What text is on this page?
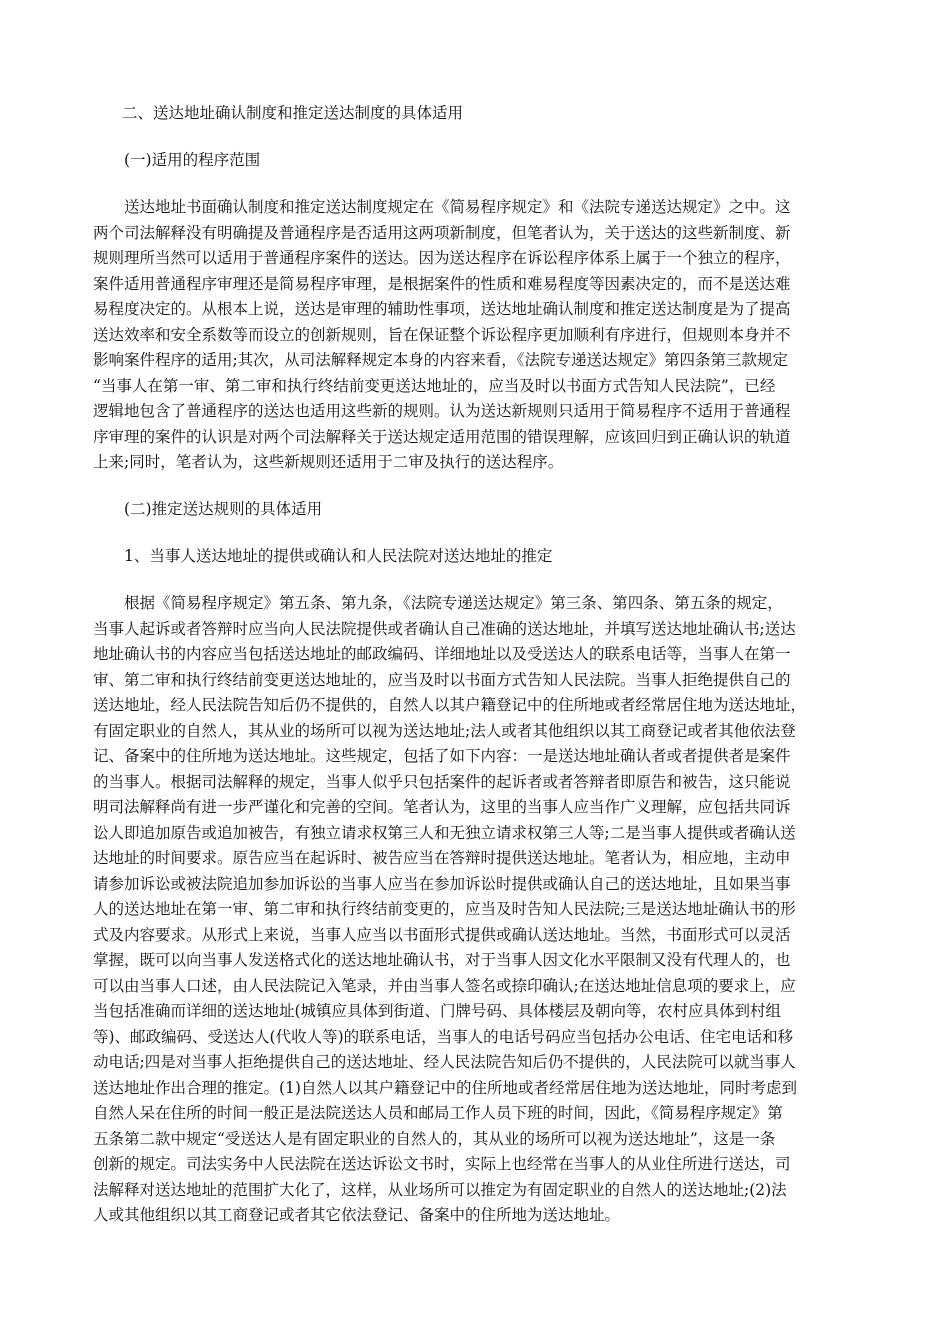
二、送达地址确认制度和推定送达制度的具体适用
(一)适用的程序范围
送达地址书面确认制度和推定送达制度规定在《简易程序规定》和《法院专递送达规定》之中。这
两个司法解释没有明确提及普通程序是否适用这两项新制度，但笔者认为，关于送达的这些新制度、新
规则理所当然可以适用于普通程序案件的送达。因为送达程序在诉讼程序体系上属于一个独立的程序，
案件适用普通程序审理还是简易程序审理，是根据案件的性质和难易程度等因素决定的，而不是送达难
易程度决定的。从根本上说，送达是审理的辅助性事项，送达地址确认制度和推定送达制度是为了提高
送达效率和安全系数等而设立的创新规则，旨在保证整个诉讼程序更加顺利有序进行，但规则本身并不
影响案件程序的适用;其次，从司法解释规定本身的内容来看，《法院专递送达规定》第四条第三款规定
“当事人在第一审、第二审和执行终结前变更送达地址的，应当及时以书面方式告知人民法院”，已经
逻辑地包含了普通程序的送达也适用这些新的规则。认为送达新规则只适用于简易程序不适用于普通程
序审理的案件的认识是对两个司法解释关于送达规定适用范围的错误理解，应该回归到正确认识的轨道
上来;同时，笔者认为，这些新规则还适用于二审及执行的送达程序。
(二)推定送达规则的具体适用
1、当事人送达地址的提供或确认和人民法院对送达地址的推定
根据《简易程序规定》第五条、第九条，《法院专递送达规定》第三条、第四条、第五条的规定，
当事人起诉或者答辩时应当向人民法院提供或者确认自己准确的送达地址，并填写送达地址确认书;送达
地址确认书的内容应当包括送达地址的邮政编码、详细地址以及受送达人的联系电话等，当事人在第一
审、第二审和执行终结前变更送达地址的，应当及时以书面方式告知人民法院。当事人拒绝提供自己的
送达地址，经人民法院告知后仍不提供的，自然人以其户籍登记中的住所地或者经常居住地为送达地址，
有固定职业的自然人，其从业的场所可以视为送达地址;法人或者其他组织以其工商登记或者其他依法登
记、备案中的住所地为送达地址。这些规定，包括了如下内容：一是送达地址确认者或者提供者是案件
的当事人。根据司法解释的规定，当事人似乎只包括案件的起诉者或者答辩者即原告和被告，这只能说
明司法解释尚有进一步严谨化和完善的空间。笔者认为，这里的当事人应当作广义理解，应包括共同诉
讼人即追加原告或追加被告，有独立请求权第三人和无独立请求权第三人等;二是当事人提供或者确认送
达地址的时间要求。原告应当在起诉时、被告应当在答辩时提供送达地址。笔者认为，相应地，主动申
请参加诉讼或被法院追加参加诉讼的当事人应当在参加诉讼时提供或确认自己的送达地址，且如果当事
人的送达地址在第一审、第二审和执行终结前变更的，应当及时告知人民法院;三是送达地址确认书的形
式及内容要求。从形式上来说，当事人应当以书面形式提供或确认送达地址。当然，书面形式可以灵活
掌握，既可以向当事人发送格式化的送达地址确认书，对于当事人因文化水平限制又没有代理人的，也
可以由当事人口述，由人民法院记入笔录，并由当事人签名或捺印确认;在送达地址信息项的要求上，应
当包括准确而详细的送达地址(城镇应具体到街道、门牌号码、具体楼层及朝向等，农村应具体到村组
等)、邮政编码、受送达人(代收人等)的联系电话，当事人的电话号码应当包括办公电话、住宅电话和移
动电话;四是对当事人拒绝提供自己的送达地址、经人民法院告知后仍不提供的，人民法院可以就当事人
送达地址作出合理的推定。(1)自然人以其户籍登记中的住所地或者经常居住地为送达地址，同时考虑到
自然人呆在住所的时间一般正是法院送达人员和邮局工作人员下班的时间，因此，《简易程序规定》第
五条第二款中规定“受送达人是有固定职业的自然人的，其从业的场所可以视为送达地址”，这是一条
创新的规定。司法实务中人民法院在送达诉讼文书时，实际上也经常在当事人的从业住所进行送达，司
法解释对送达地址的范围扩大化了，这样，从业场所可以推定为有固定职业的自然人的送达地址;(2)法
人或其他组织以其工商登记或者其它依法登记、备案中的住所地为送达地址。
